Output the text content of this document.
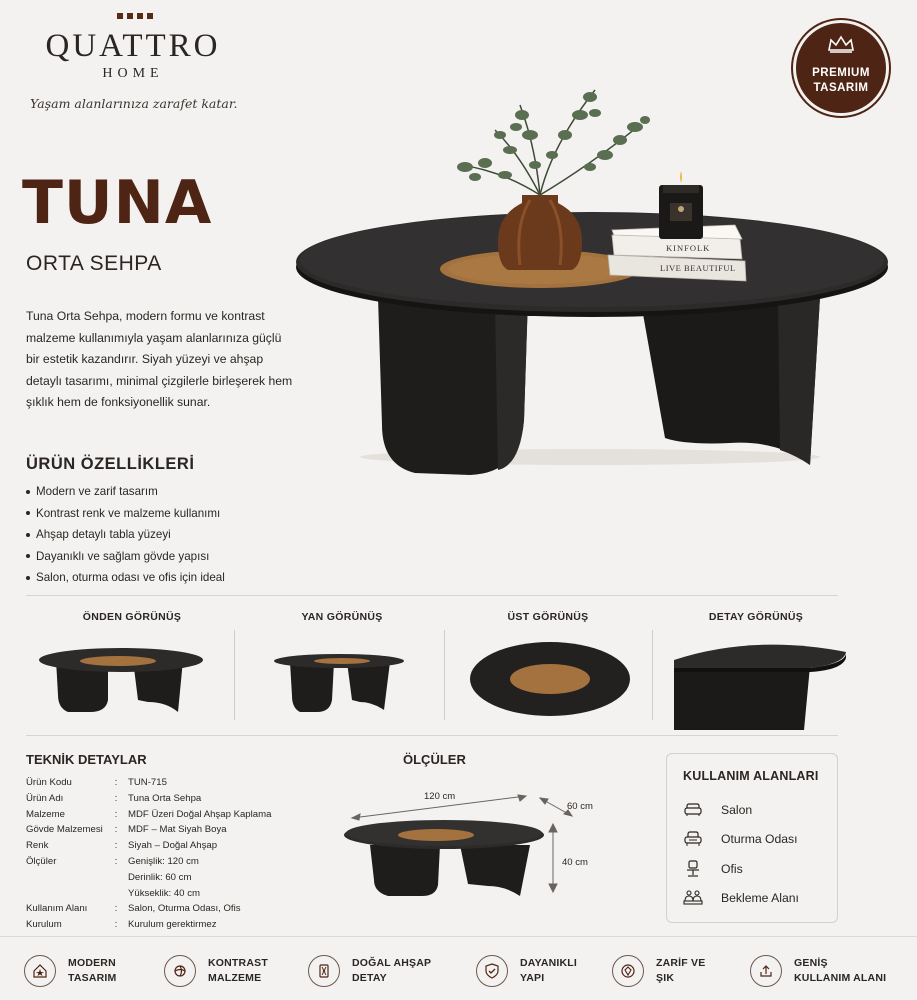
QUATTRO
HOME
Yaşam alanlarınıza zarafet katar.
PREMIUM
TASARIM
TUNA
ORTA SEHPA
Tuna Orta Sehpa, modern formu ve kontrast malzeme kullanımıyla yaşam alanlarınıza güçlü bir estetik kazandırır. Siyah yüzeyi ve ahşap detaylı tasarımı, minimal çizgilerle birleşerek hem şıklık hem de fonksiyonellik sunar.
KINFOLK
LIVE BEAUTIFUL
ÜRÜN ÖZELLİKLERİ
Modern ve zarif tasarım
Kontrast renk ve malzeme kullanımı
Ahşap detaylı tabla yüzeyi
Dayanıklı ve sağlam gövde yapısı
Salon, oturma odası ve ofis için ideal
ÖNDEN GÖRÜNÜŞ	YAN GÖRÜNÜŞ	ÜST GÖRÜNÜŞ	DETAY GÖRÜNÜŞ
TEKNİK DETAYLAR
Ürün Kodu	:	TUN-715
Ürün Adı	:	Tuna Orta Sehpa
Malzeme	:	MDF Üzeri Doğal Ahşap Kaplama
Gövde Malzemesi	:	MDF – Mat Siyah Boya
Renk	:	Siyah – Doğal Ahşap
Ölçüler	:	Genişlik: 120 cm
		Derinlik: 60 cm
		Yükseklik: 40 cm
Kullanım Alanı	:	Salon, Oturma Odası, Ofis
Kurulum	:	Kurulum gerektirmez
ÖLÇÜLER
120 cm
60 cm
40 cm
KULLANIM ALANLARI
Salon
Oturma Odası
Ofis
Bekleme Alanı
MODERN
TASARIM
KONTRAST
MALZEME
DOĞAL AHŞAP
DETAY
DAYANIKLI
YAPI
ZARİF VE
ŞIK
GENİŞ
KULLANIM ALANI
